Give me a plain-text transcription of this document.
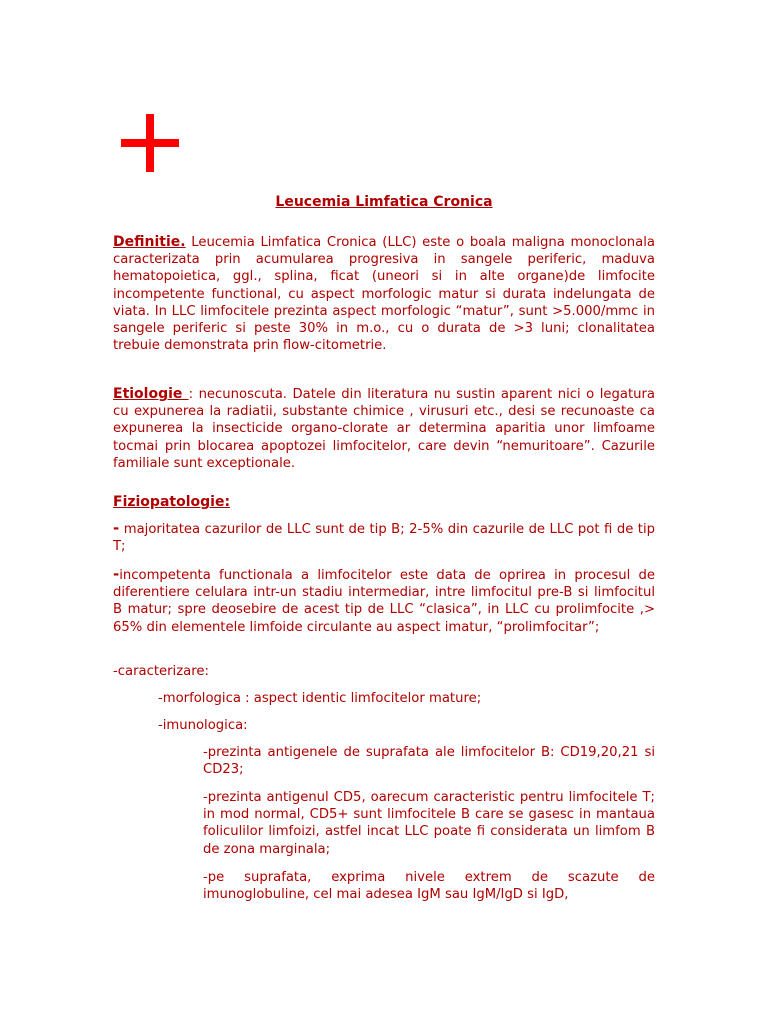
Leucemia Limfatica Cronica

Definitie. Leucemia Limfatica Cronica (LLC) este o boala maligna monoclonala caracterizata prin acumularea progresiva in sangele periferic, maduva hematopoietica, ggl., splina, ficat (uneori si in alte organe)de limfocite incompetente functional, cu aspect morfologic matur si durata indelungata de viata. In LLC limfocitele prezinta aspect morfologic “matur”, sunt >5.000/mmc in sangele periferic si peste 30% in m.o., cu o durata de >3 luni; clonalitatea trebuie demonstrata prin flow-citometrie.

Etiologie : necunoscuta. Datele din literatura nu sustin aparent nici o legatura cu expunerea la radiatii, substante chimice , virusuri etc., desi se recunoaste ca expunerea la insecticide organo-clorate ar determina aparitia unor limfoame tocmai prin blocarea apoptozei limfocitelor, care devin “nemuritoare”. Cazurile familiale sunt exceptionale.

Fiziopatologie:

- majoritatea cazurilor de LLC sunt de tip B; 2-5% din cazurile de LLC pot fi de tip T;

-incompetenta functionala a limfocitelor este data de oprirea in procesul de diferentiere celulara intr-un stadiu intermediar, intre limfocitul pre-B si limfocitul B matur; spre deosebire de acest tip de LLC “clasica”, in LLC cu prolimfocite ,> 65% din elementele limfoide circulante au aspect imatur, “prolimfocitar”;

-caracterizare:

-morfologica : aspect identic limfocitelor mature;

-imunologica:

-prezinta antigenele de suprafata ale limfocitelor B: CD19,20,21 si CD23;

-prezinta antigenul CD5, oarecum caracteristic pentru limfocitele T; in mod normal, CD5+ sunt limfocitele B care se gasesc in mantaua foliculilor limfoizi, astfel incat LLC poate fi considerata un limfom B de zona marginala;

-pe suprafata, exprima nivele extrem de scazute de imunoglobuline, cel mai adesea IgM sau IgM/IgD si IgD,
